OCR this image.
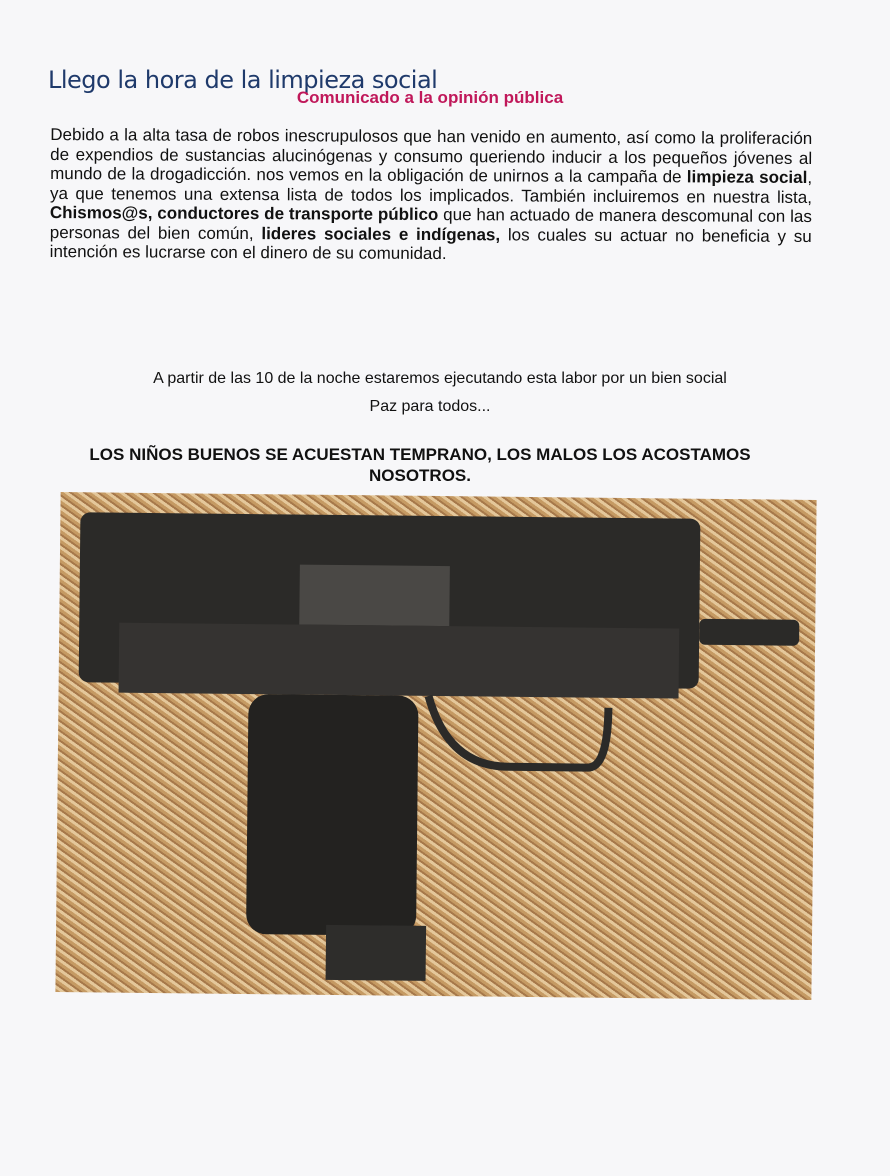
Llego la hora de la limpieza social
Comunicado a la opinión pública

Debido a la alta tasa de robos inescrupulosos que han venido en aumento, así como la proliferación de expendios de sustancias alucinógenas y consumo queriendo inducir a los pequeños jóvenes al mundo de la drogadicción. nos vemos en la obligación de unirnos a la campaña de limpieza social, ya que tenemos una extensa lista de todos los implicados. También incluiremos en nuestra lista, Chismos@s, conductores de transporte público que han actuado de manera descomunal con las personas del bien común, lideres sociales e indígenas, los cuales su actuar no beneficia y su intención es lucrarse con el dinero de su comunidad.

A partir de las 10 de la noche estaremos ejecutando esta labor por un bien social
Paz para todos...
LOS NIÑOS BUENOS SE ACUESTAN TEMPRANO, LOS MALOS LOS ACOSTAMOS NOSOTROS.
